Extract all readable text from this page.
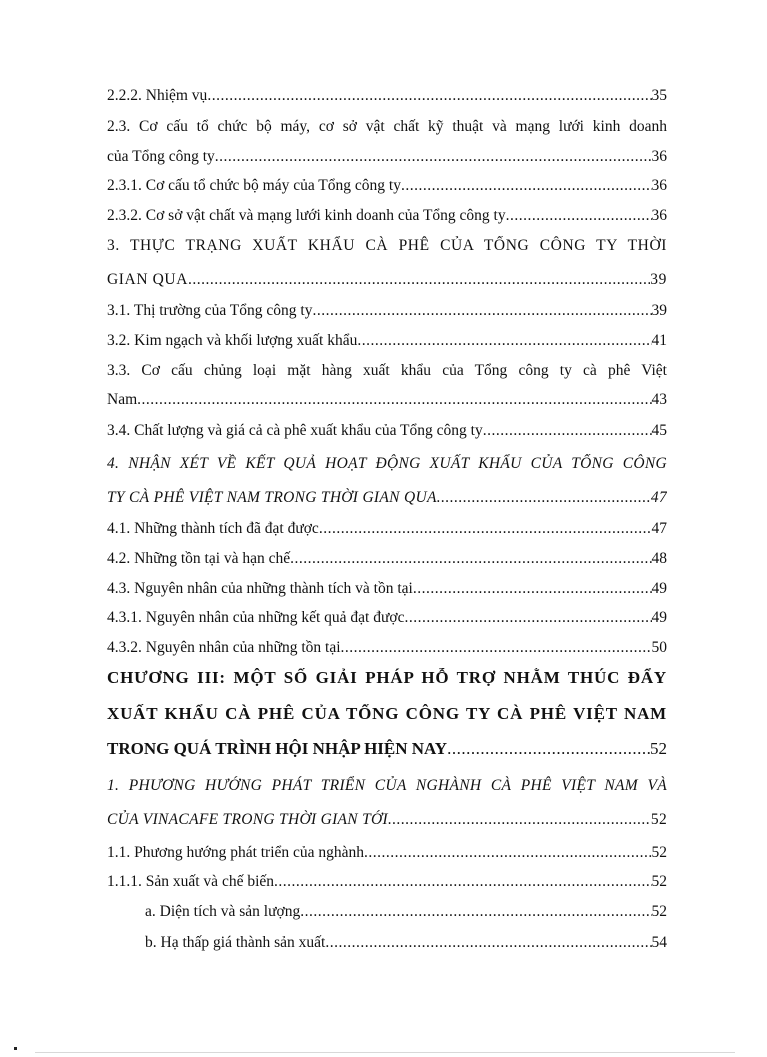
2.2.2. Nhiệm vụ .....	35
2.3. Cơ cấu tổ chức bộ máy, cơ sở vật chất kỹ thuật và mạng lưới kinh doanh
của Tổng công ty .....	36
2.3.1. Cơ cấu tổ chức bộ máy của Tổng công ty .....	36
2.3.2. Cơ sở vật chất và mạng lưới kinh doanh của Tổng công ty .....	36
3. THỰC TRẠNG XUẤT KHẨU CÀ PHÊ CỦA TỔNG CÔNG TY THỜI
GIAN QUA .....	39
3.1. Thị trường của Tổng công ty .....	39
3.2. Kim ngạch và khối lượng xuất khẩu .....	41
3.3. Cơ cấu chủng loại mặt hàng xuất khẩu của Tổng công ty cà phê Việt
Nam .....	43
3.4. Chất lượng và giá cả cà phê xuất khẩu của Tổng công ty .....	45
4. NHẬN XÉT VỀ KẾT QUẢ HOẠT ĐỘNG XUẤT KHẨU CỦA TỔNG CÔNG
TY CÀ PHÊ VIỆT NAM TRONG THỜI GIAN QUA .....	47
4.1. Những thành tích đã đạt được .....	47
4.2. Những tồn tại và hạn chế .....	48
4.3. Nguyên nhân của những thành tích và tồn tại .....	49
4.3.1. Nguyên nhân của những kết quả đạt được .....	49
4.3.2. Nguyên nhân của những tồn tại .....	50
CHƯƠNG III: MỘT SỐ GIẢI PHÁP HỖ TRỢ NHẰM THÚC ĐẨY
XUẤT KHẨU CÀ PHÊ CỦA TỔNG CÔNG TY CÀ PHÊ VIỆT NAM
TRONG QUÁ TRÌNH HỘI NHẬP HIỆN NAY .....	52
1. PHƯƠNG HƯỚNG PHÁT TRIỂN CỦA NGHÀNH CÀ PHÊ VIỆT NAM VÀ
CỦA VINACAFE TRONG THỜI GIAN TỚI .....	52
1.1. Phương hướng phát triển của nghành .....	52
1.1.1. Sản xuất và chế biến .....	52
a. Diện tích và sản lượng .....	52
b. Hạ thấp giá thành sản xuất .....	54
